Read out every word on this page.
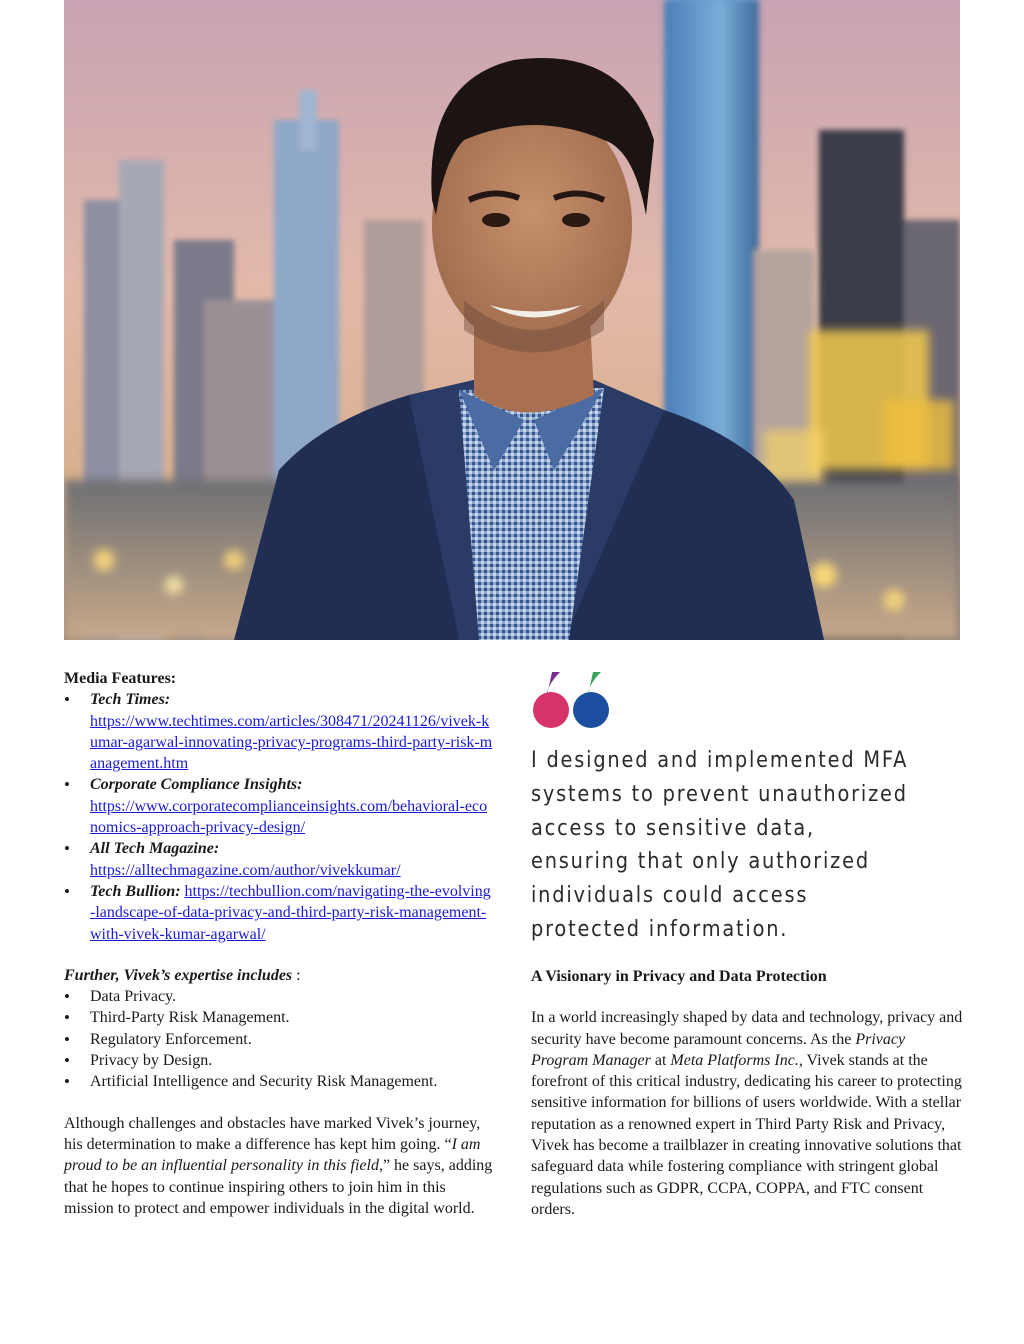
Media Features:
• Tech Times:
https://www.techtimes.com/articles/308471/20241126/vivek-kumar-agarwal-innovating-privacy-programs-third-party-risk-management.htm
• Corporate Compliance Insights:
https://www.corporatecomplianceinsights.com/behavioral-economics-approach-privacy-design/
• All Tech Magazine:
https://alltechmagazine.com/author/vivekkumar/
• Tech Bullion: https://techbullion.com/navigating-the-evolving-landscape-of-data-privacy-and-third-party-risk-management-with-vivek-kumar-agarwal/
Further, Vivek’s expertise includes :
• Data Privacy.
• Third-Party Risk Management.
• Regulatory Enforcement.
• Privacy by Design.
• Artificial Intelligence and Security Risk Management.

Although challenges and obstacles have marked Vivek’s journey, his determination to make a difference has kept him going. “I am proud to be an influential personality in this field,” he says, adding that he hopes to continue inspiring others to join him in this mission to protect and empower individuals in the digital world.

I designed and implemented MFA systems to prevent unauthorized access to sensitive data, ensuring that only authorized individuals could access protected information.
A Visionary in Privacy and Data Protection

In a world increasingly shaped by data and technology, privacy and security have become paramount concerns. As the Privacy Program Manager at Meta Platforms Inc., Vivek stands at the forefront of this critical industry, dedicating his career to protecting sensitive information for billions of users worldwide. With a stellar reputation as a renowned expert in Third Party Risk and Privacy, Vivek has become a trailblazer in creating innovative solutions that safeguard data while fostering compliance with stringent global regulations such as GDPR, CCPA, COPPA, and FTC consent orders.
